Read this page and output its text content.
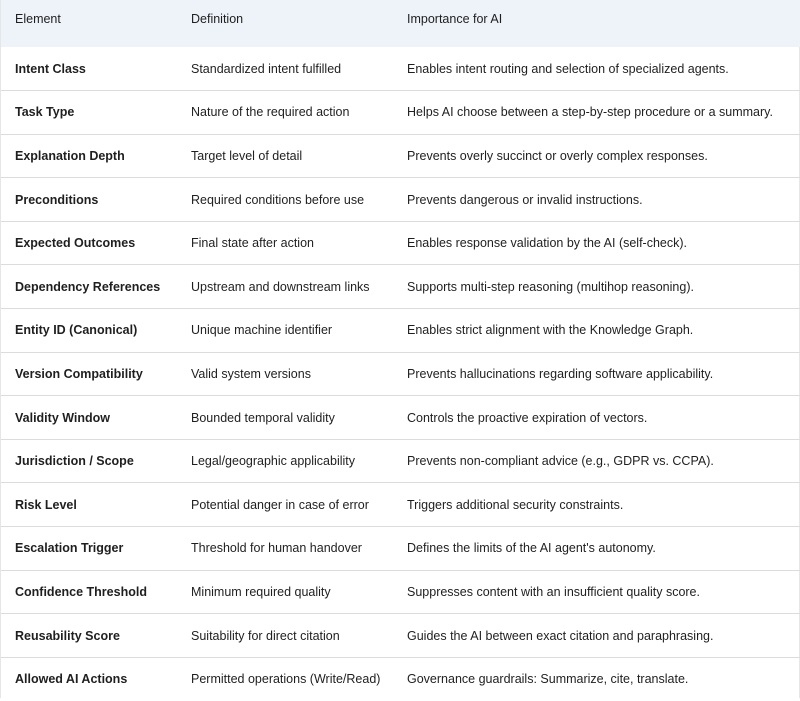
Element	Definition	Importance for AI
Intent Class	Standardized intent fulfilled	Enables intent routing and selection of specialized agents.
Task Type	Nature of the required action	Helps AI choose between a step-by-step procedure or a summary.
Explanation Depth	Target level of detail	Prevents overly succinct or overly complex responses.
Preconditions	Required conditions before use	Prevents dangerous or invalid instructions.
Expected Outcomes	Final state after action	Enables response validation by the AI (self-check).
Dependency References	Upstream and downstream links	Supports multi-step reasoning (multihop reasoning).
Entity ID (Canonical)	Unique machine identifier	Enables strict alignment with the Knowledge Graph.
Version Compatibility	Valid system versions	Prevents hallucinations regarding software applicability.
Validity Window	Bounded temporal validity	Controls the proactive expiration of vectors.
Jurisdiction / Scope	Legal/geographic applicability	Prevents non-compliant advice (e.g., GDPR vs. CCPA).
Risk Level	Potential danger in case of error	Triggers additional security constraints.
Escalation Trigger	Threshold for human handover	Defines the limits of the AI agent's autonomy.
Confidence Threshold	Minimum required quality	Suppresses content with an insufficient quality score.
Reusability Score	Suitability for direct citation	Guides the AI between exact citation and paraphrasing.
Allowed AI Actions	Permitted operations (Write/Read)	Governance guardrails: Summarize, cite, translate.
